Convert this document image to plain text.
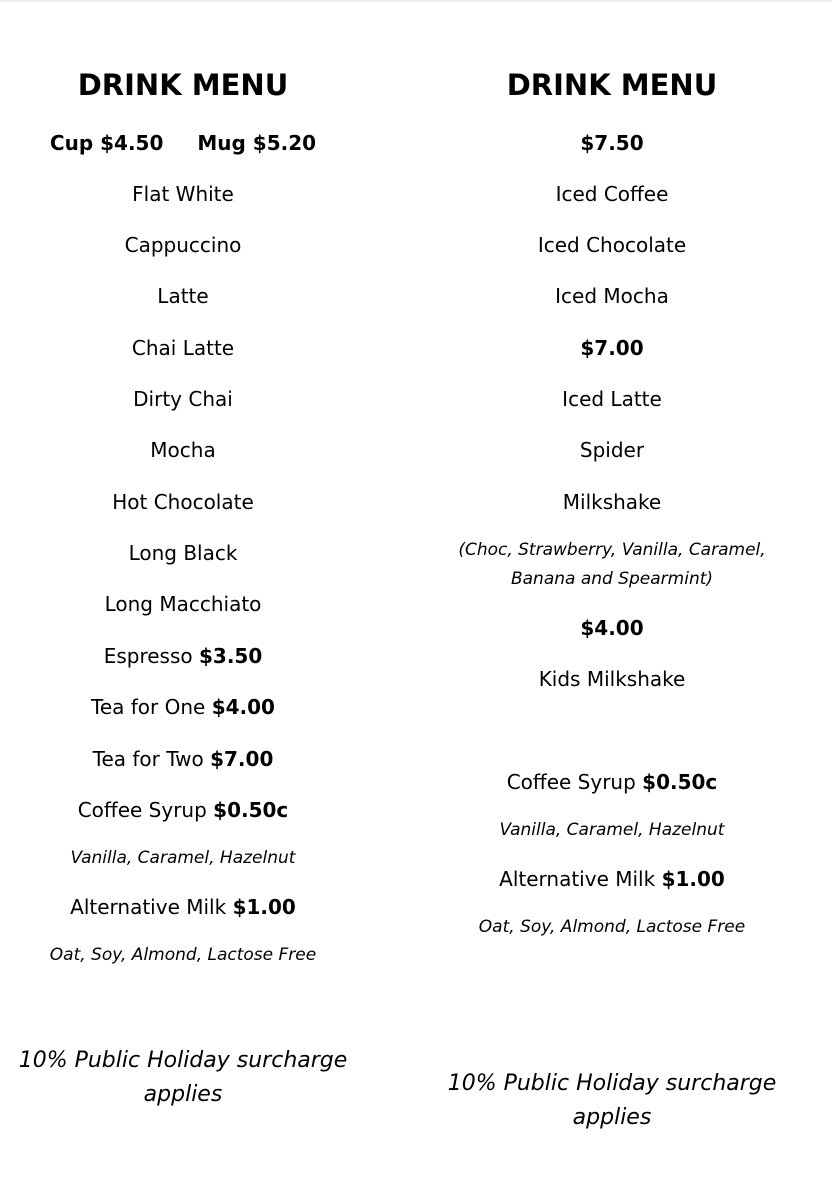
DRINK MENU
Cup $4.50 Mug $5.20
Flat White
Cappuccino
Latte
Chai Latte
Dirty Chai
Mocha
Hot Chocolate
Long Black
Long Macchiato
Espresso $3.50
Tea for One $4.00
Tea for Two $7.00
Coffee Syrup $0.50c
Vanilla, Caramel, Hazelnut
Alternative Milk $1.00
Oat, Soy, Almond, Lactose Free
10% Public Holiday surcharge
applies
DRINK MENU
$7.50
Iced Coffee
Iced Chocolate
Iced Mocha
$7.00
Iced Latte
Spider
Milkshake
(Choc, Strawberry, Vanilla, Caramel,
Banana and Spearmint)
$4.00
Kids Milkshake
Coffee Syrup $0.50c
Vanilla, Caramel, Hazelnut
Alternative Milk $1.00
Oat, Soy, Almond, Lactose Free
10% Public Holiday surcharge
applies
